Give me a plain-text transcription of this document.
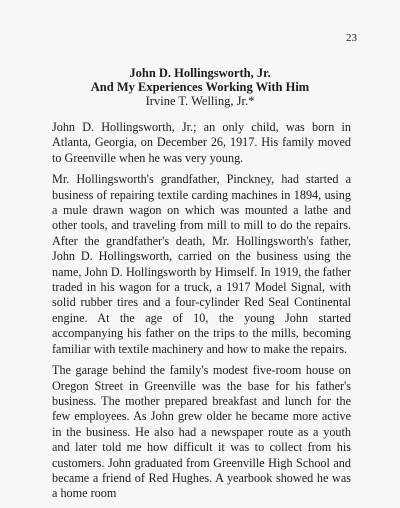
23
John D. Hollingsworth, Jr.
And My Experiences Working With Him
Irvine T. Welling, Jr.*

John D. Hollingsworth, Jr.; an only child, was born in Atlanta, Georgia, on December 26, 1917. His family moved to Greenville when he was very young.

Mr. Hollingsworth's grandfather, Pinckney, had started a business of repairing textile carding machines in 1894, using a mule drawn wagon on which was mounted a lathe and other tools, and traveling from mill to mill to do the repairs. After the grandfather's death, Mr. Hollingsworth's father, John D. Hollingsworth, carried on the business using the name, John D. Hollingsworth by Himself. In 1919, the father traded in his wagon for a truck, a 1917 Model Signal, with solid rubber tires and a four-cylinder Red Seal Continental engine. At the age of 10, the young John started accompanying his father on the trips to the mills, becoming familiar with textile machinery and how to make the repairs.

The garage behind the family's modest five-room house on Oregon Street in Greenville was the base for his father's business. The mother prepared breakfast and lunch for the few employees. As John grew older he became more active in the business. He also had a newspaper route as a youth and later told me how difficult it was to collect from his customers. John graduated from Greenville High School and became a friend of Red Hughes. A yearbook showed he was a home room
